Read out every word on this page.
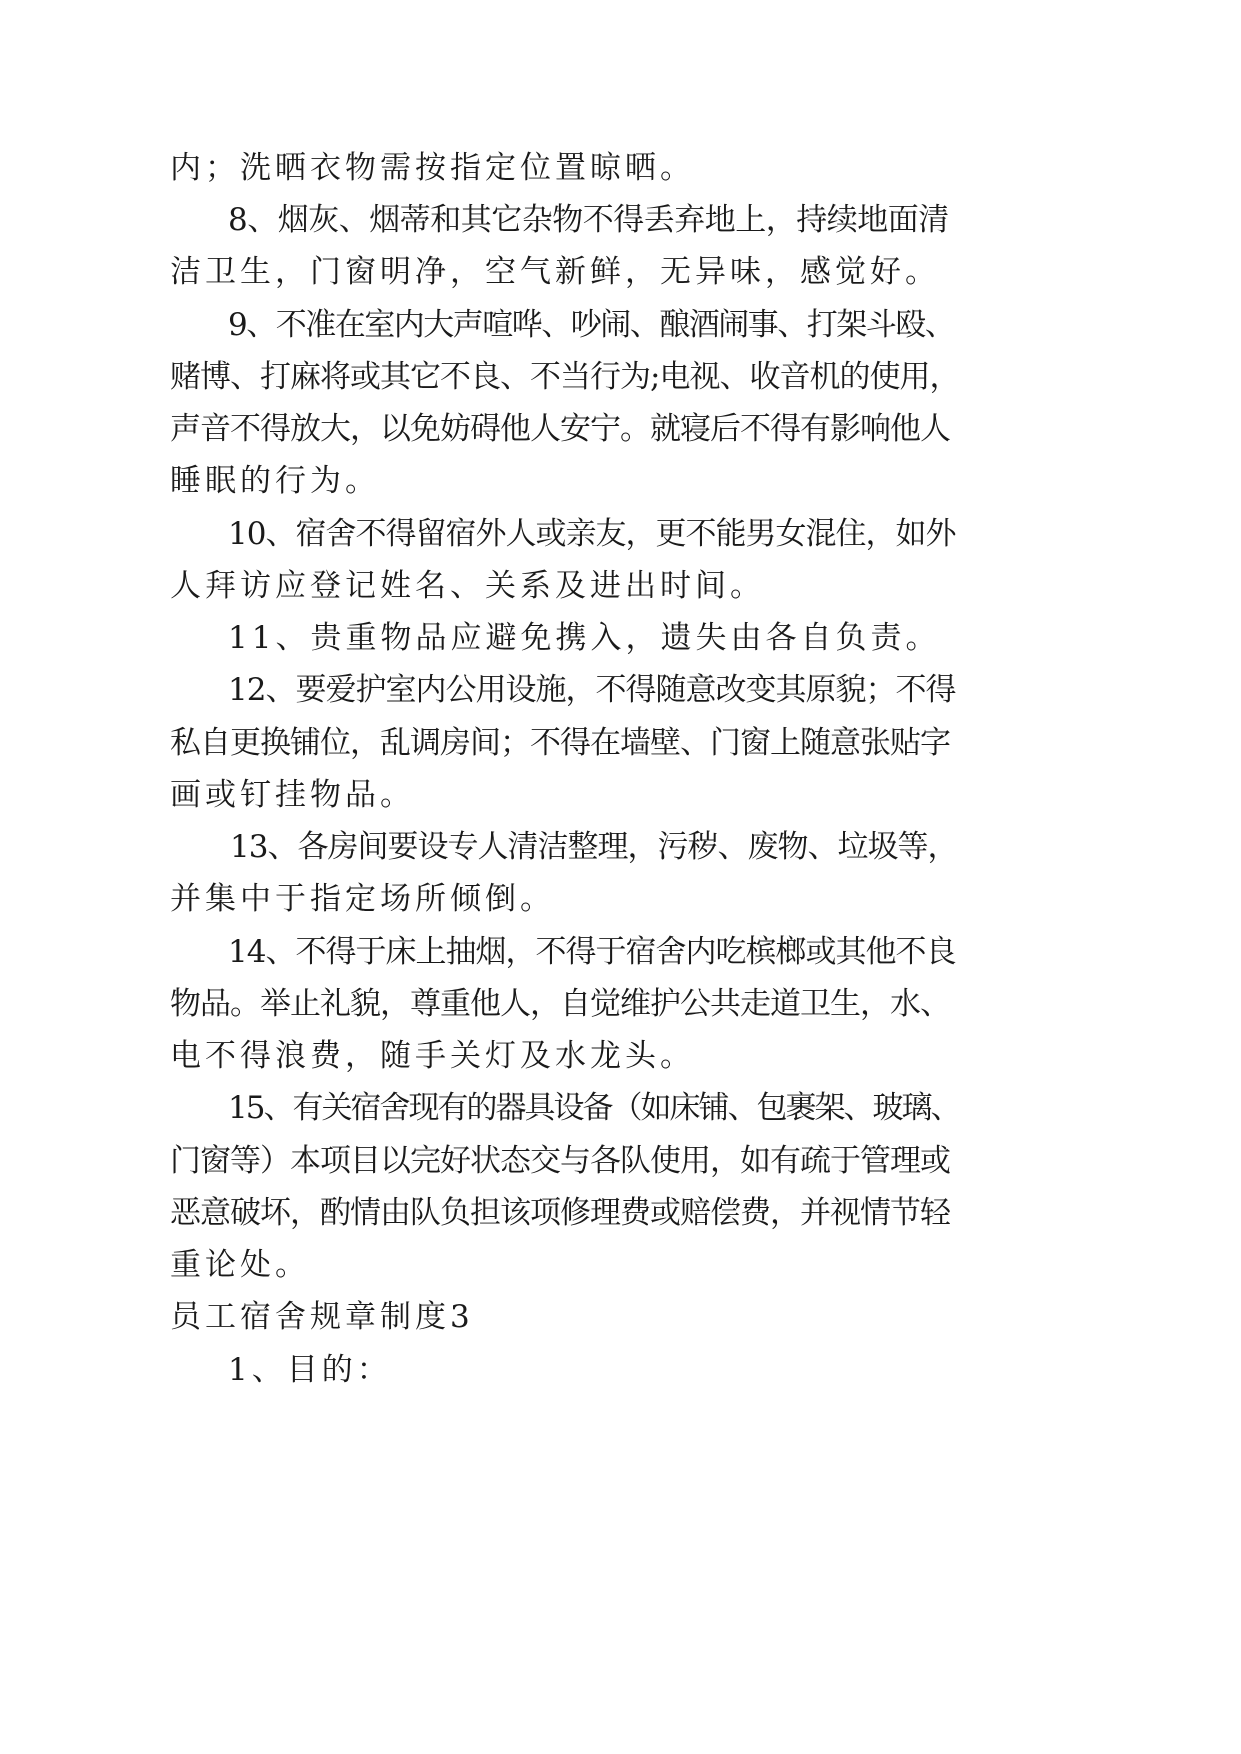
内；洗晒衣物需按指定位置晾晒。
8、烟灰、烟蒂和其它杂物不得丢弃地上，持续地面清
洁卫生，门窗明净，空气新鲜，无异味，感觉好。
9、不准在室内大声喧哗、吵闹、酿酒闹事、打架斗殴、
赌博、打麻将或其它不良、不当行为;电视、收音机的使用，
声音不得放大，以免妨碍他人安宁。就寝后不得有影响他人
睡眠的行为。
10、宿舍不得留宿外人或亲友，更不能男女混住，如外
人拜访应登记姓名、关系及进出时间。
11、贵重物品应避免携入，遗失由各自负责。
12、要爱护室内公用设施，不得随意改变其原貌；不得
私自更换铺位，乱调房间；不得在墙壁、门窗上随意张贴字
画或钉挂物品。
13、各房间要设专人清洁整理，污秽、废物、垃圾等，
并集中于指定场所倾倒。
14、不得于床上抽烟，不得于宿舍内吃槟榔或其他不良
物品。举止礼貌，尊重他人，自觉维护公共走道卫生，水、
电不得浪费，随手关灯及水龙头。
15、有关宿舍现有的器具设备（如床铺、包裹架、玻璃、
门窗等）本项目以完好状态交与各队使用，如有疏于管理或
恶意破坏，酌情由队负担该项修理费或赔偿费，并视情节轻
重论处。
员工宿舍规章制度3
1、目的：
